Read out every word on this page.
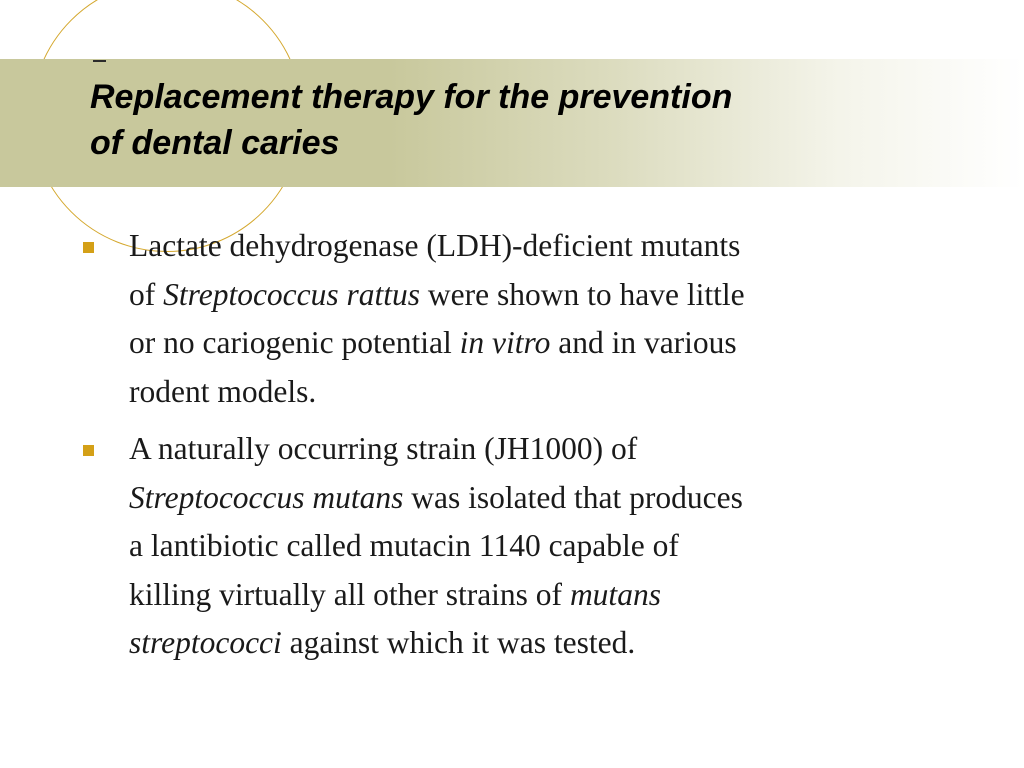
Replacement therapy for the prevention
of dental caries
Lactate dehydrogenase (LDH)-deficient mutants
of Streptococcus rattus were shown to have little
or no cariogenic potential in vitro and in various
rodent models.
A naturally occurring strain (JH1000) of
Streptococcus mutans was isolated that produces
a lantibiotic called mutacin 1140 capable of
killing virtually all other strains of mutans
streptococci against which it was tested.
